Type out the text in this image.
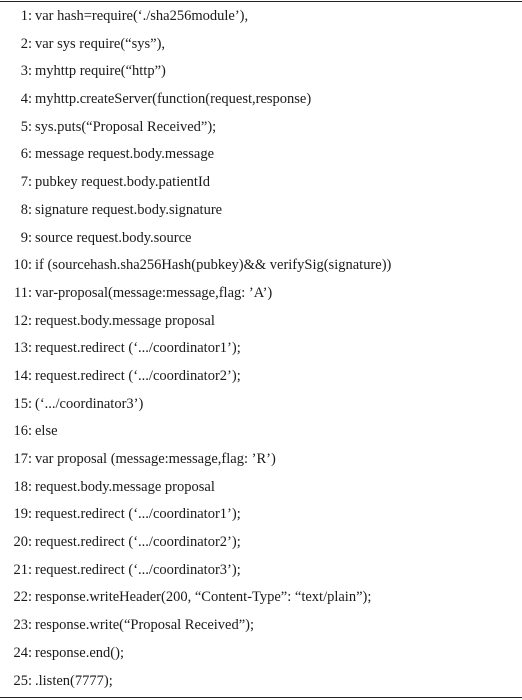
1: var hash=require(‘./sha256module’),
2: var sys require(“sys”),
3: myhttp require(“http”)
4: myhttp.createServer(function(request,response)
5: sys.puts(“Proposal Received”);
6: message request.body.message
7: pubkey request.body.patientId
8: signature request.body.signature
9: source request.body.source
10: if (sourcehash.sha256Hash(pubkey)&& verifySig(signature))
11: var-proposal(message:message,flag: ’A’)
12: request.body.message proposal
13: request.redirect (‘.../coordinator1’);
14: request.redirect (‘.../coordinator2’);
15: (‘.../coordinator3’)
16: else
17: var proposal (message:message,flag: ’R’)
18: request.body.message proposal
19: request.redirect (‘.../coordinator1’);
20: request.redirect (‘.../coordinator2’);
21: request.redirect (‘.../coordinator3’);
22: response.writeHeader(200, “Content-Type”: “text/plain”);
23: response.write(“Proposal Received”);
24: response.end();
25: .listen(7777);
